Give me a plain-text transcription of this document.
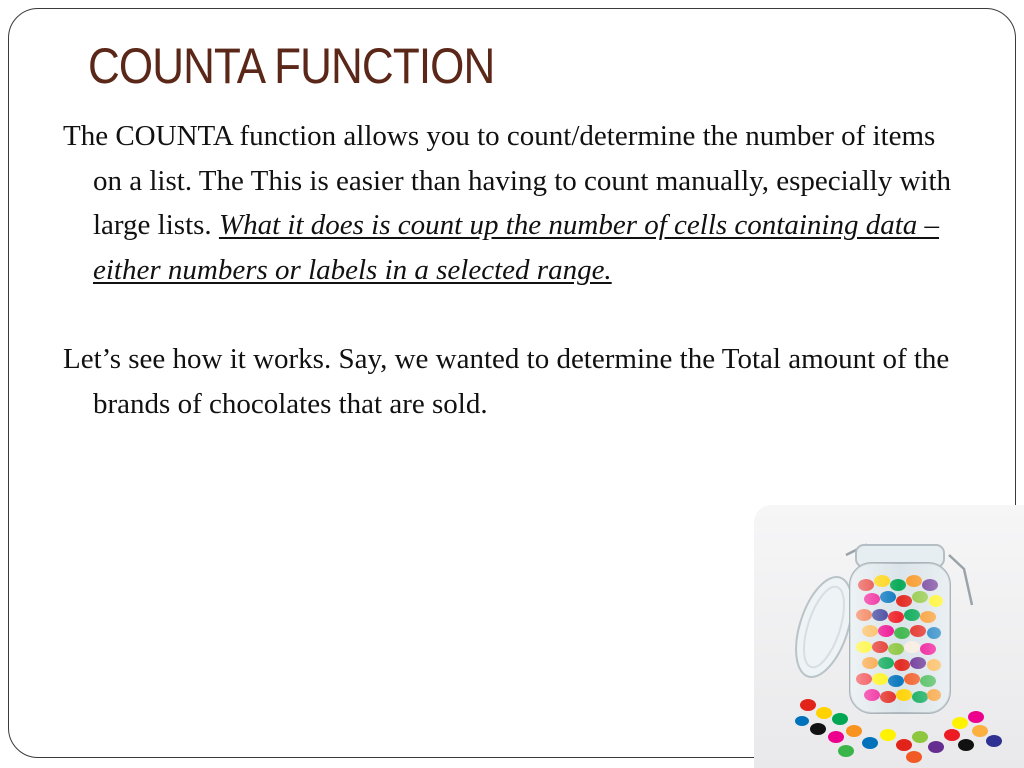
COUNTA FUNCTION

The COUNTA function allows you to count/determine the number of items on a list. The This is easier than having to count manually, especially with large lists. What it does is count up the number of cells containing data – either numbers or labels in a selected range.

Let’s see how it works. Say, we wanted to determine the Total amount of the brands of chocolates that are sold.
